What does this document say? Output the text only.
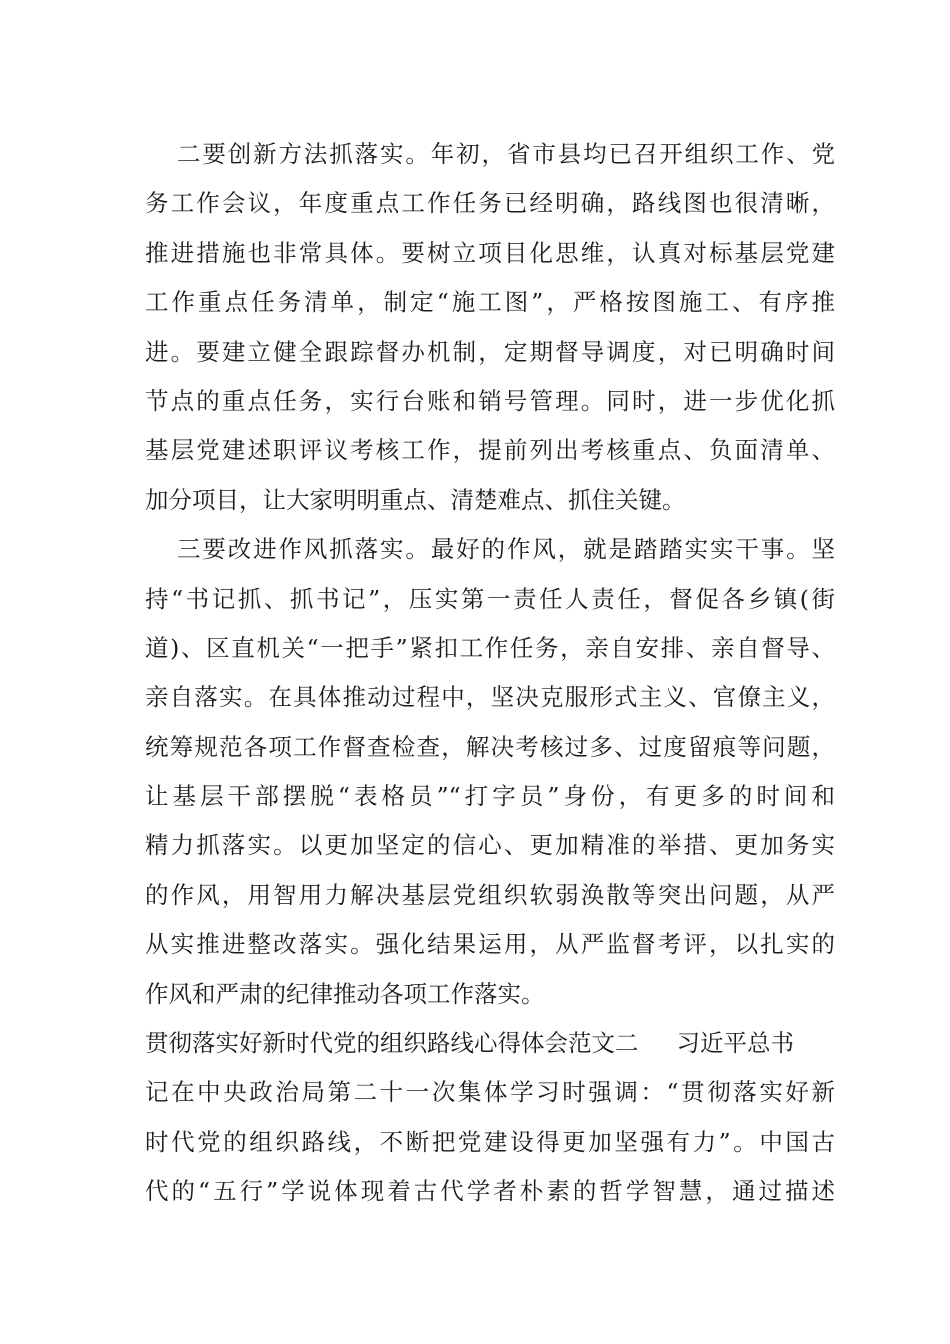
二要创新方法抓落实。年初，省市县均已召开组织工作、党
务工作会议，年度重点工作任务已经明确，路线图也很清晰，
推进措施也非常具体。要树立项目化思维，认真对标基层党建
工作重点任务清单，制定“施工图”，严格按图施工、有序推
进。要建立健全跟踪督办机制，定期督导调度，对已明确时间
节点的重点任务，实行台账和销号管理。同时，进一步优化抓
基层党建述职评议考核工作，提前列出考核重点、负面清单、
加分项目，让大家明明重点、清楚难点、抓住关键。
三要改进作风抓落实。最好的作风，就是踏踏实实干事。坚
持“书记抓、抓书记”，压实第一责任人责任，督促各乡镇(街
道)、区直机关“一把手”紧扣工作任务，亲自安排、亲自督导、
亲自落实。在具体推动过程中，坚决克服形式主义、官僚主义，
统筹规范各项工作督查检查，解决考核过多、过度留痕等问题，
让基层干部摆脱“表格员”“打字员”身份，有更多的时间和
精力抓落实。以更加坚定的信心、更加精准的举措、更加务实
的作风，用智用力解决基层党组织软弱涣散等突出问题，从严
从实推进整改落实。强化结果运用，从严监督考评，以扎实的
作风和严肃的纪律推动各项工作落实。
贯彻落实好新时代党的组织路线心得体会范文二 习近平总书
记在中央政治局第二十一次集体学习时强调：“贯彻落实好新
时代党的组织路线，不断把党建设得更加坚强有力”。中国古
代的“五行”学说体现着古代学者朴素的哲学智慧，通过描述
